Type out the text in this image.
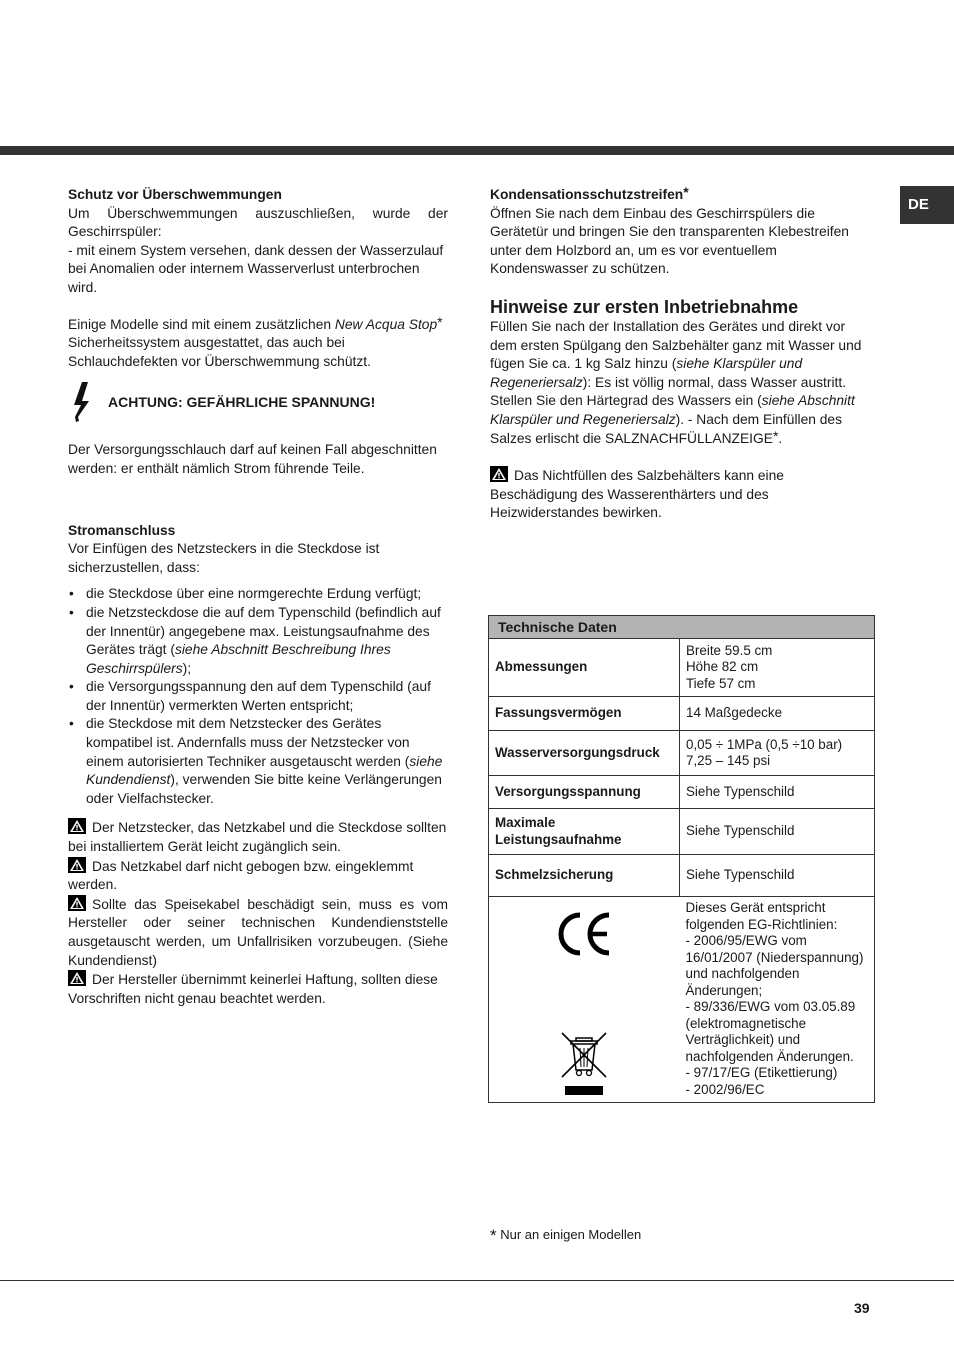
DE

Schutz vor Überschwemmungen

Um Überschwemmungen auszuschließen, wurde der Geschirrspüler:

- mit einem System versehen, dank dessen der Wasserzulauf bei Anomalien oder internem Wasserverlust unterbrochen wird.

Einige Modelle sind mit einem zusätzlichen New Acqua Stop* Sicherheitssystem ausgestattet, das auch bei Schlauchdefekten vor Überschwemmung schützt.

ACHTUNG: GEFÄHRLICHE SPANNUNG!

Der Versorgungsschlauch darf auf keinen Fall abgeschnitten werden: er enthält nämlich Strom führende Teile.

Stromanschluss

Vor Einfügen des Netzsteckers in die Steckdose ist sicherzustellen, dass:

• die Steckdose über eine normgerechte Erdung verfügt;
• die Netzsteckdose die auf dem Typenschild (befindlich auf der Innentür) angegebene max. Leistungsaufnahme des Gerätes trägt (siehe Abschnitt Beschreibung Ihres Geschirrspülers);
• die Versorgungsspannung den auf dem Typenschild (auf der Innentür) vermerkten Werten entspricht;
• die Steckdose mit dem Netzstecker des Gerätes kompatibel ist. Andernfalls muss der Netzstecker von einem autorisierten Techniker ausgetauscht werden (siehe Kundendienst), verwenden Sie bitte keine Verlängerungen oder Vielfachstecker.

Der Netzstecker, das Netzkabel und die Steckdose sollten bei installiertem Gerät leicht zugänglich sein.

Das Netzkabel darf nicht gebogen bzw. eingeklemmt werden.

Sollte das Speisekabel beschädigt sein, muss es vom Hersteller oder seiner technischen Kundendienststelle ausgetauscht werden, um Unfallrisiken vorzubeugen. (Siehe Kundendienst)

Der Hersteller übernimmt keinerlei Haftung, sollten diese Vorschriften nicht genau beachtet werden.

Kondensationsschutzstreifen*

Öffnen Sie nach dem Einbau des Geschirrspülers die Gerätetür und bringen Sie den transparenten Klebestreifen unter dem Holzbord an, um es vor eventuellem Kondenswasser zu schützen.

Hinweise zur ersten Inbetriebnahme

Füllen Sie nach der Installation des Gerätes und direkt vor dem ersten Spülgang den Salzbehälter ganz mit Wasser und fügen Sie ca. 1 kg Salz hinzu (siehe Klarspüler und Regeneriersalz): Es ist völlig normal, dass Wasser austritt. Stellen Sie den Härtegrad des Wassers ein (siehe Abschnitt Klarspüler und Regeneriersalz). - Nach dem Einfüllen des Salzes erlischt die SALZNACHFÜLLANZEIGE*.

Das Nichtfüllen des Salzbehälters kann eine Beschädigung des Wasserenthärters und des Heizwiderstandes bewirken.

Technische Daten	
Abmessungen	Breite 59.5 cm
Höhe 82 cm
Tiefe 57 cm
Fassungsvermögen	14 Maßgedecke
Wasserversorgungsdruck	0,05 ÷ 1MPa (0,5 ÷10 bar)
7,25 – 145 psi
Versorgungsspannung	Siehe Typenschild
Maximale
Leistungsaufnahme	Siehe Typenschild
Schmelzsicherung	Siehe Typenschild

	Dieses Gerät entspricht folgenden EG-Richtlinien:
- 2006/95/EWG vom 16/01/2007 (Niederspannung) und nachfolgenden Änderungen;
- 89/336/EWG vom 03.05.89 (elektromagnetische Verträglichkeit) und nachfolgenden Änderungen.
- 97/17/EG (Etikettierung)
- 2002/96/EC
* Nur an einigen Modellen
39
